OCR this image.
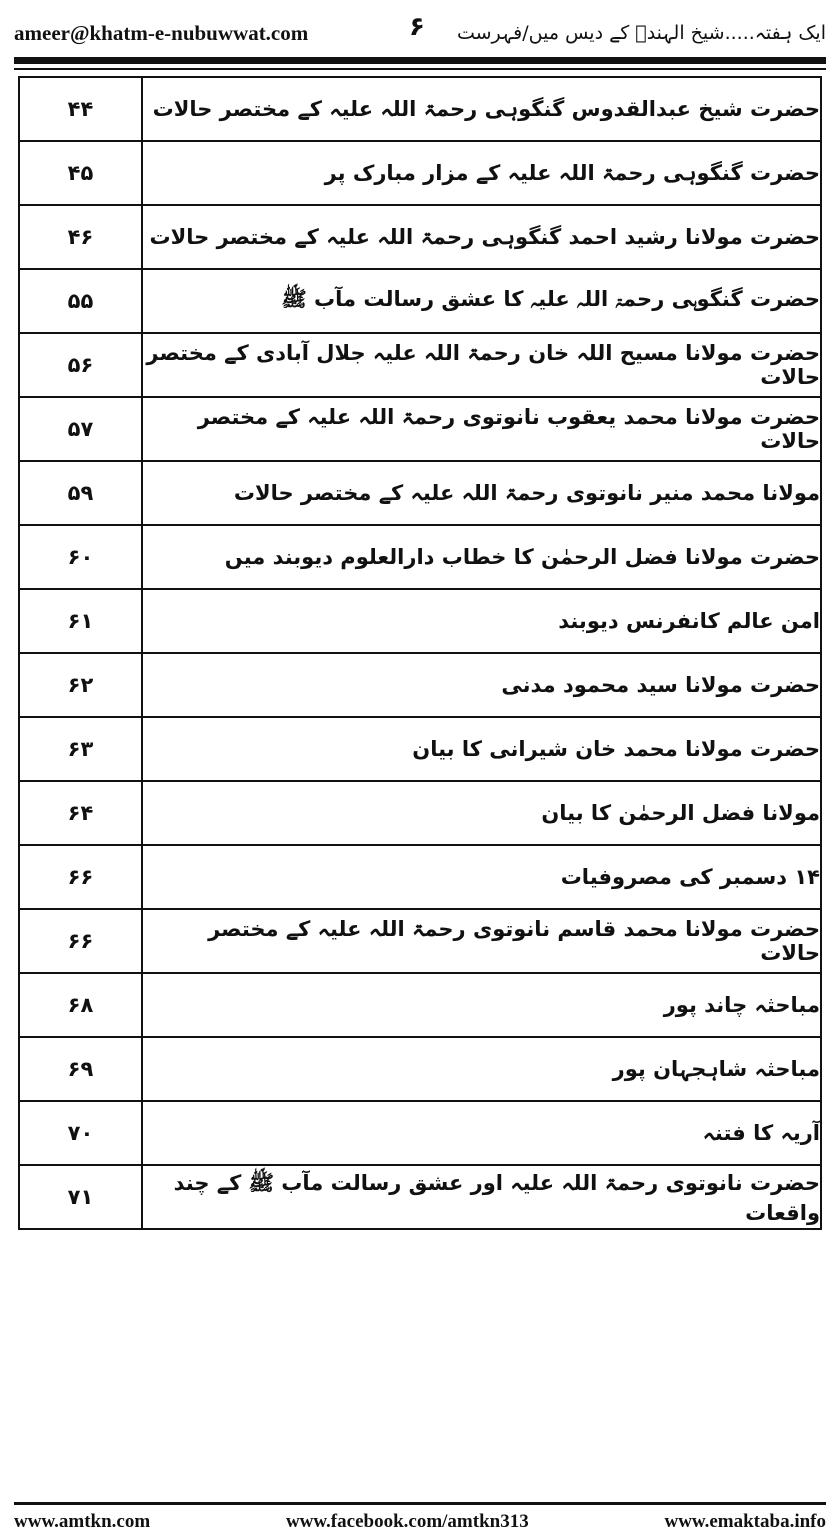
ameer@khatm-e-nubuwwat.com	۶ ایک ہفتہ.....شیخ الہندؒ کے دیس میں/فہرست
حضرت شیخ عبدالقدوس گنگوہی رحمۃ اللہ علیہ کے مختصر حالات	۴۴
حضرت گنگوہی رحمۃ اللہ علیہ کے مزار مبارک پر	۴۵
حضرت مولانا رشید احمد گنگوہی رحمۃ اللہ علیہ کے مختصر حالات	۴۶
حضرت گنگوہی رحمۃ اللہ علیہ کا عشق رسالت مآب ﷺ	۵۵
حضرت مولانا مسیح اللہ خان رحمۃ اللہ علیہ جلال آبادی کے مختصر حالات	۵۶
حضرت مولانا محمد یعقوب نانوتوی رحمۃ اللہ علیہ کے مختصر حالات	۵۷
مولانا محمد منیر نانوتوی رحمۃ اللہ علیہ کے مختصر حالات	۵۹
حضرت مولانا فضل الرحمٰن کا خطاب دارالعلوم دیوبند میں	۶۰
امن عالم کانفرنس دیوبند	۶۱
حضرت مولانا سید محمود مدنی	۶۲
حضرت مولانا محمد خان شیرانی کا بیان	۶۳
مولانا فضل الرحمٰن کا بیان	۶۴
۱۴ دسمبر کی مصروفیات	۶۶
حضرت مولانا محمد قاسم نانوتوی رحمۃ اللہ علیہ کے مختصر حالات	۶۶
مباحثہ چاند پور	۶۸
مباحثہ شاہجہان پور	۶۹
آریہ کا فتنہ	۷۰
حضرت نانوتوی رحمۃ اللہ علیہ اور عشق رسالت مآب ﷺ کے چند واقعات	۷۱
www.amtkn.com	www.facebook.com/amtkn313	www.emaktaba.info
